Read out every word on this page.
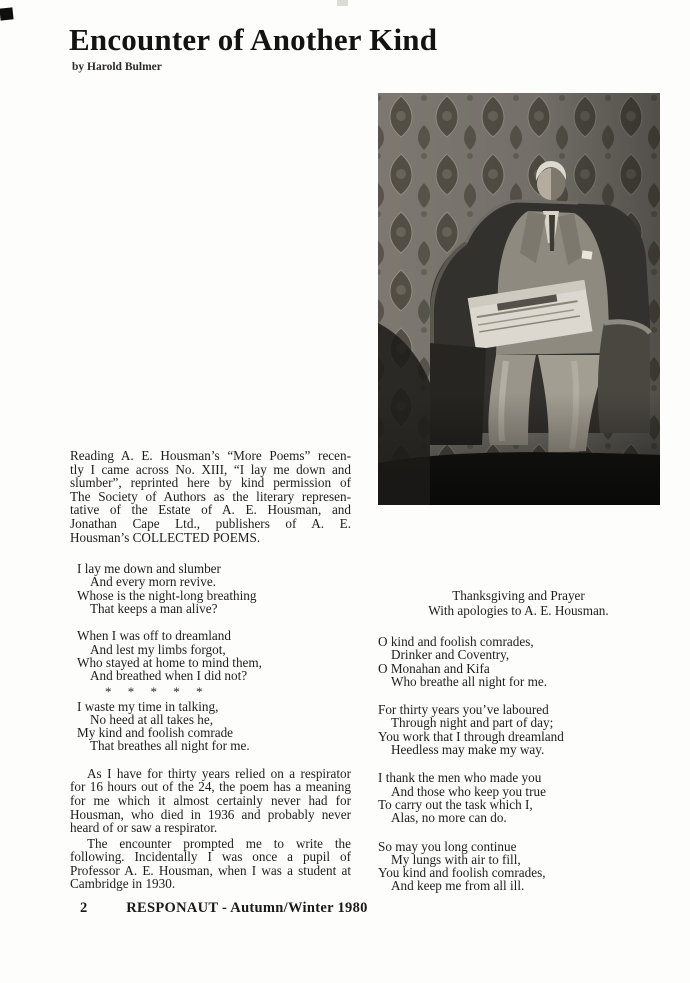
Encounter of Another Kind
by Harold Bulmer
Reading A. E. Housman’s “More Poems” recen-
tly I came across No. XIII, “I lay me down and
slumber”, reprinted here by kind permission of
The Society of Authors as the literary represen-
tative of the Estate of A. E. Housman, and
Jonathan Cape Ltd., publishers of A. E.
Housman’s COLLECTED POEMS.
I lay me down and slumber
And every morn revive.
Whose is the night-long breathing
That keeps a man alive?
When I was off to dreamland
And lest my limbs forgot,
Who stayed at home to mind them,
And breathed when I did not?
* * * * *
I waste my time in talking,
No heed at all takes he,
My kind and foolish comrade
That breathes all night for me.
As I have for thirty years relied on a respirator
for 16 hours out of the 24, the poem has a meaning
for me which it almost certainly never had for
Housman, who died in 1936 and probably never
heard of or saw a respirator.
The encounter prompted me to write the
following. Incidentally I was once a pupil of
Professor A. E. Housman, when I was a student at
Cambridge in 1930.
2	RESPONAUT - Autumn/Winter 1980
Thanksgiving and Prayer
With apologies to A. E. Housman.
O kind and foolish comrades,
Drinker and Coventry,
O Monahan and Kifa
Who breathe all night for me.
For thirty years you’ve laboured
Through night and part of day;
You work that I through dreamland
Heedless may make my way.
I thank the men who made you
And those who keep you true
To carry out the task which I,
Alas, no more can do.
So may you long continue
My lungs with air to fill,
You kind and foolish comrades,
And keep me from all ill.
